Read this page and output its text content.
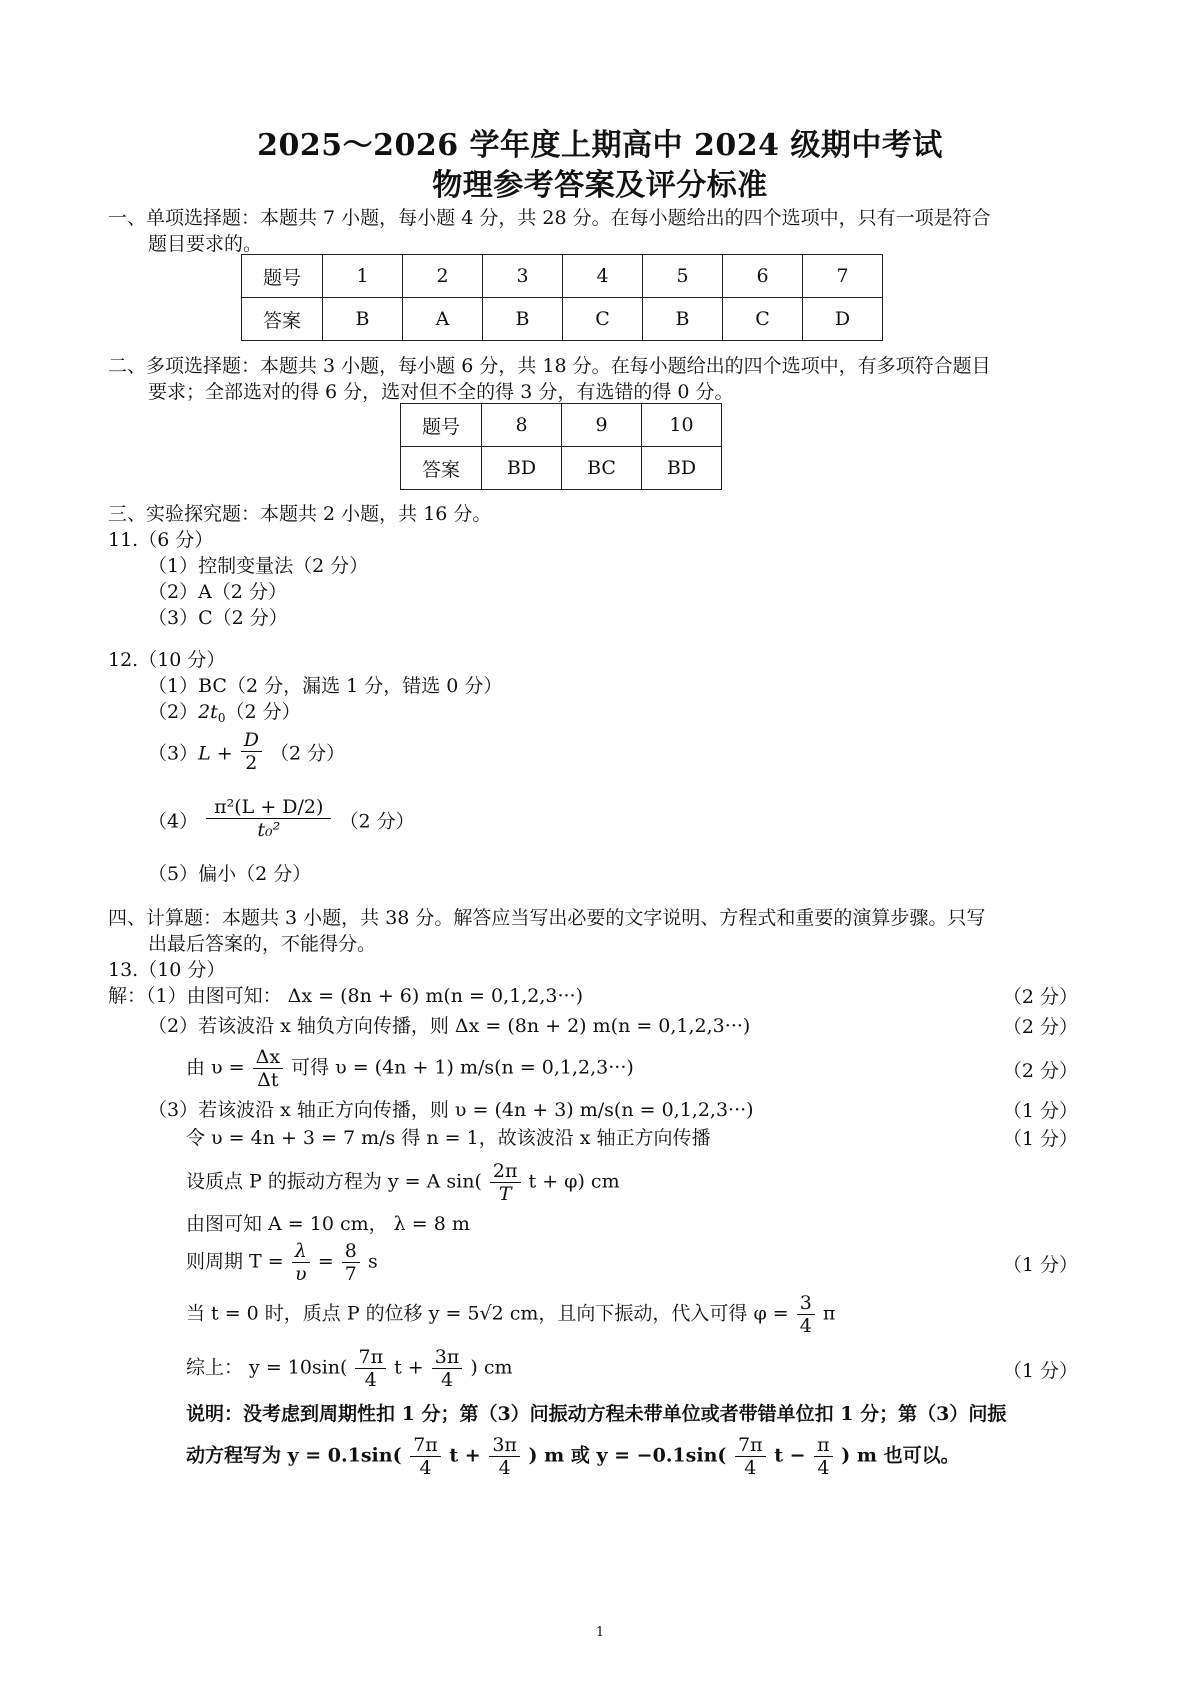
2025～2026 学年度上期高中 2024 级期中考试
物理参考答案及评分标准
一、单项选择题：本题共 7 小题，每小题 4 分，共 28 分。在每小题给出的四个选项中，只有一项是符合
题目要求的。
题号	1	2	3	4	5	6	7
答案	B	A	B	C	B	C	D
二、多项选择题：本题共 3 小题，每小题 6 分，共 18 分。在每小题给出的四个选项中，有多项符合题目
要求；全部选对的得 6 分，选对但不全的得 3 分，有选错的得 0 分。
题号	8	9	10
答案	BD	BC	BD
三、实验探究题：本题共 2 小题，共 16 分。
11.（6 分）
（1）控制变量法（2 分）
（2）A（2 分）
（3）C（2 分）
12.（10 分）
（1）BC（2 分，漏选 1 分，错选 0 分）
$(2)2t_0(2$ 分）
$(3)L + \frac{D}{2} (2$ 分）
$(4) \frac{\text{π²(L + D/2)}}{\text{t₀²}} (2$ 分）
（5）偏小（2 分）
四、计算题：本题共 3 小题，共 38 分。解答应当写出必要的文字说明、方程式和重要的演算步骤。只写
出最后答案的，不能得分。
13.（10 分）
解：（1）由图可知： Δx = (8n + 6) m(n = 0,1,2,3···)	（2 分）
（2）若该波沿 x 轴负方向传播，则 Δx = (8n + 2) m(n = 0,1,2,3···)	（2 分）
由 $\upsilon = \frac{\Delta x}{\Delta t}$ 可得 υ = (4n + 1) m/s(n = 0,1,2,3···)	（2 分）
（3）若该波沿 x 轴正方向传播，则 υ = (4n + 3) m/s(n = 0,1,2,3···)	（1 分）
令 υ = 4n + 3 = 7 m/s 得 n = 1，故该波沿 x 轴正方向传播	（1 分）
设质点 P 的振动方程为 y = A $\sin( \frac{2\pi}{T}$ t + φ) cm
由图可知 A = 10 cm， λ = 8 m
则周期 $T = \frac{\lambda}{\upsilon} = \frac{8}{7}$ s	（1 分）
当 t = 0 时，质点 P 的位移 y = 5√2 cm，且向下振动，代入可得 $\varphi = \frac{3}{4}$ π
综上： $y = 10\sin( \frac{7\pi}{4}$ $t + \frac{3\pi}{4}$ ) cm	（1 分）
说明：没考虑到周期性扣 1 分；第（3）问振动方程未带单位或者带错单位扣 1 分；第（3）问振
动方程写为 $y = 0.1\sin( \frac{7\pi}{4}$ $t + \frac{3\pi}{4}$ ) m 或 $y = -0.1\sin( \frac{7\pi}{4}$ $t - \frac{\pi}{4}$ ) m 也可以。
1
